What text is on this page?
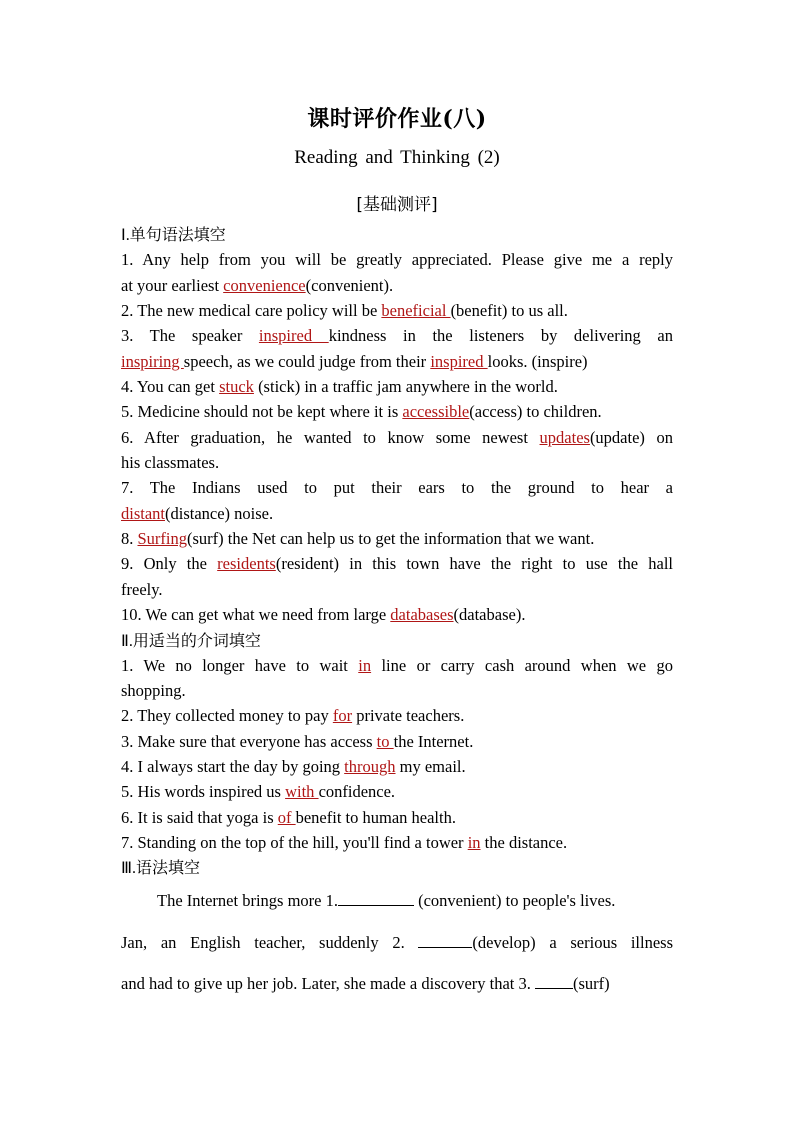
课时评价作业(八)
Reading and Thinking (2)
[基础测评]
Ⅰ.单句语法填空
1. Any help from you will be greatly appreciated. Please give me a reply
at your earliest convenience(convenient).
2. The new medical care policy will be beneficial (benefit) to us all.
3. The speaker inspired kindness in the listeners by delivering an
inspiring speech, as we could judge from their inspired looks. (inspire)
4. You can get stuck (stick) in a traffic jam anywhere in the world.
5. Medicine should not be kept where it is accessible(access) to children.
6. After graduation, he wanted to know some newest updates(update) on
his classmates.
7. The Indians used to put their ears to the ground to hear a
distant(distance) noise.
8. Surfing(surf) the Net can help us to get the information that we want.
9. Only the residents(resident) in this town have the right to use the hall
freely.
10. We can get what we need from large databases(database).
Ⅱ.用适当的介词填空
1. We no longer have to wait in line or carry cash around when we go
shopping.
2. They collected money to pay for private teachers.
3. Make sure that everyone has access to the Internet.
4. I always start the day by going through my email.
5. His words inspired us with confidence.
6. It is said that yoga is of benefit to human health.
7. Standing on the top of the hill, you'll find a tower in the distance.
Ⅲ.语法填空
The Internet brings more 1.	(convenient) to people's lives.
Jan, an English teacher, suddenly 2.	(develop) a serious illness
and had to give up her job. Later, she made a discovery that 3. (surf)
